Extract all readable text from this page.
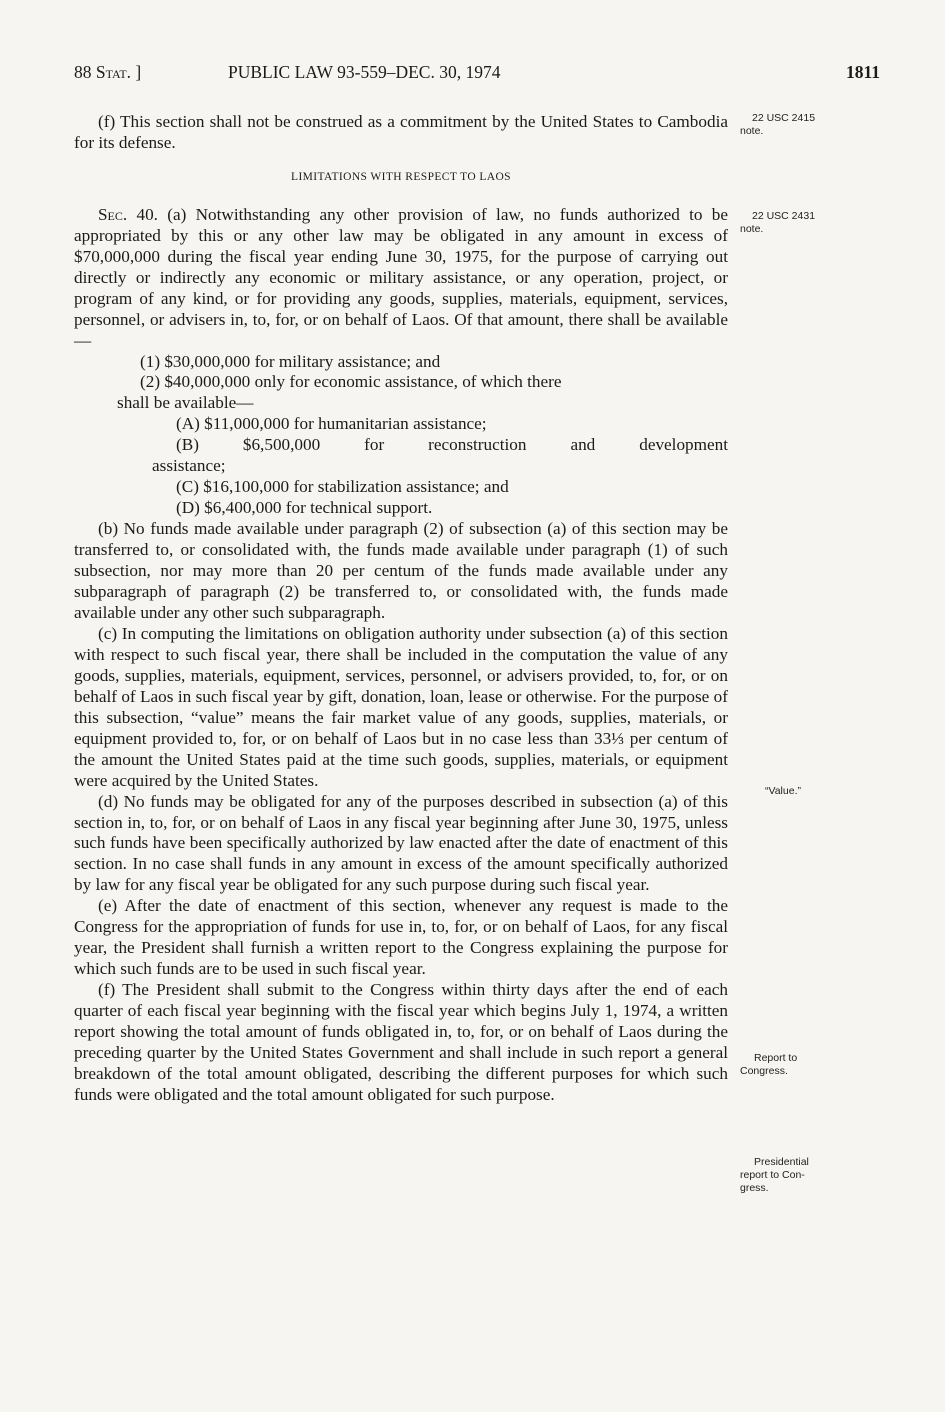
88 Stat. ]	PUBLIC LAW 93-559–DEC. 30, 1974	1811

(f) This section shall not be construed as a commitment by the United States to Cambodia for its defense.

LIMITATIONS WITH RESPECT TO LAOS

Sec. 40. (a) Notwithstanding any other provision of law, no funds authorized to be appropriated by this or any other law may be obligated in any amount in excess of $70,000,000 during the fiscal year ending June 30, 1975, for the purpose of carrying out directly or indirectly any economic or military assistance, or any operation, project, or program of any kind, or for providing any goods, supplies, materials, equipment, services, personnel, or advisers in, to, for, or on behalf of Laos. Of that amount, there shall be available—

(1) $30,000,000 for military assistance; and

(2) $40,000,000 only for economic assistance, of which there

shall be available—

(A) $11,000,000 for humanitarian assistance;

(B) $6,500,000 for reconstruction and development

assistance;

(C) $16,100,000 for stabilization assistance; and

(D) $6,400,000 for technical support.

(b) No funds made available under paragraph (2) of subsection (a) of this section may be transferred to, or consolidated with, the funds made available under paragraph (1) of such subsection, nor may more than 20 per centum of the funds made available under any subparagraph of paragraph (2) be transferred to, or consolidated with, the funds made available under any other such subparagraph.

(c) In computing the limitations on obligation authority under subsection (a) of this section with respect to such fiscal year, there shall be included in the computation the value of any goods, supplies, materials, equipment, services, personnel, or advisers provided, to, for, or on behalf of Laos in such fiscal year by gift, donation, loan, lease or otherwise. For the purpose of this subsection, “value” means the fair market value of any goods, supplies, materials, or equipment provided to, for, or on behalf of Laos but in no case less than 33⅓ per centum of the amount the United States paid at the time such goods, supplies, materials, or equipment were acquired by the United States.

(d) No funds may be obligated for any of the purposes described in subsection (a) of this section in, to, for, or on behalf of Laos in any fiscal year beginning after June 30, 1975, unless such funds have been specifically authorized by law enacted after the date of enactment of this section. In no case shall funds in any amount in excess of the amount specifically authorized by law for any fiscal year be obligated for any such purpose during such fiscal year.

(e) After the date of enactment of this section, whenever any request is made to the Congress for the appropriation of funds for use in, to, for, or on behalf of Laos, for any fiscal year, the President shall furnish a written report to the Congress explaining the purpose for which such funds are to be used in such fiscal year.

(f) The President shall submit to the Congress within thirty days after the end of each quarter of each fiscal year beginning with the fiscal year which begins July 1, 1974, a written report showing the total amount of funds obligated in, to, for, or on behalf of Laos during the preceding quarter by the United States Government and shall include in such report a general breakdown of the total amount obligated, describing the different purposes for which such funds were obligated and the total amount obligated for such purpose.

22 USC 2415
note.
22 USC 2431
note.
“Value.”
Report to
Congress.
Presidential
report to Con-
gress.
